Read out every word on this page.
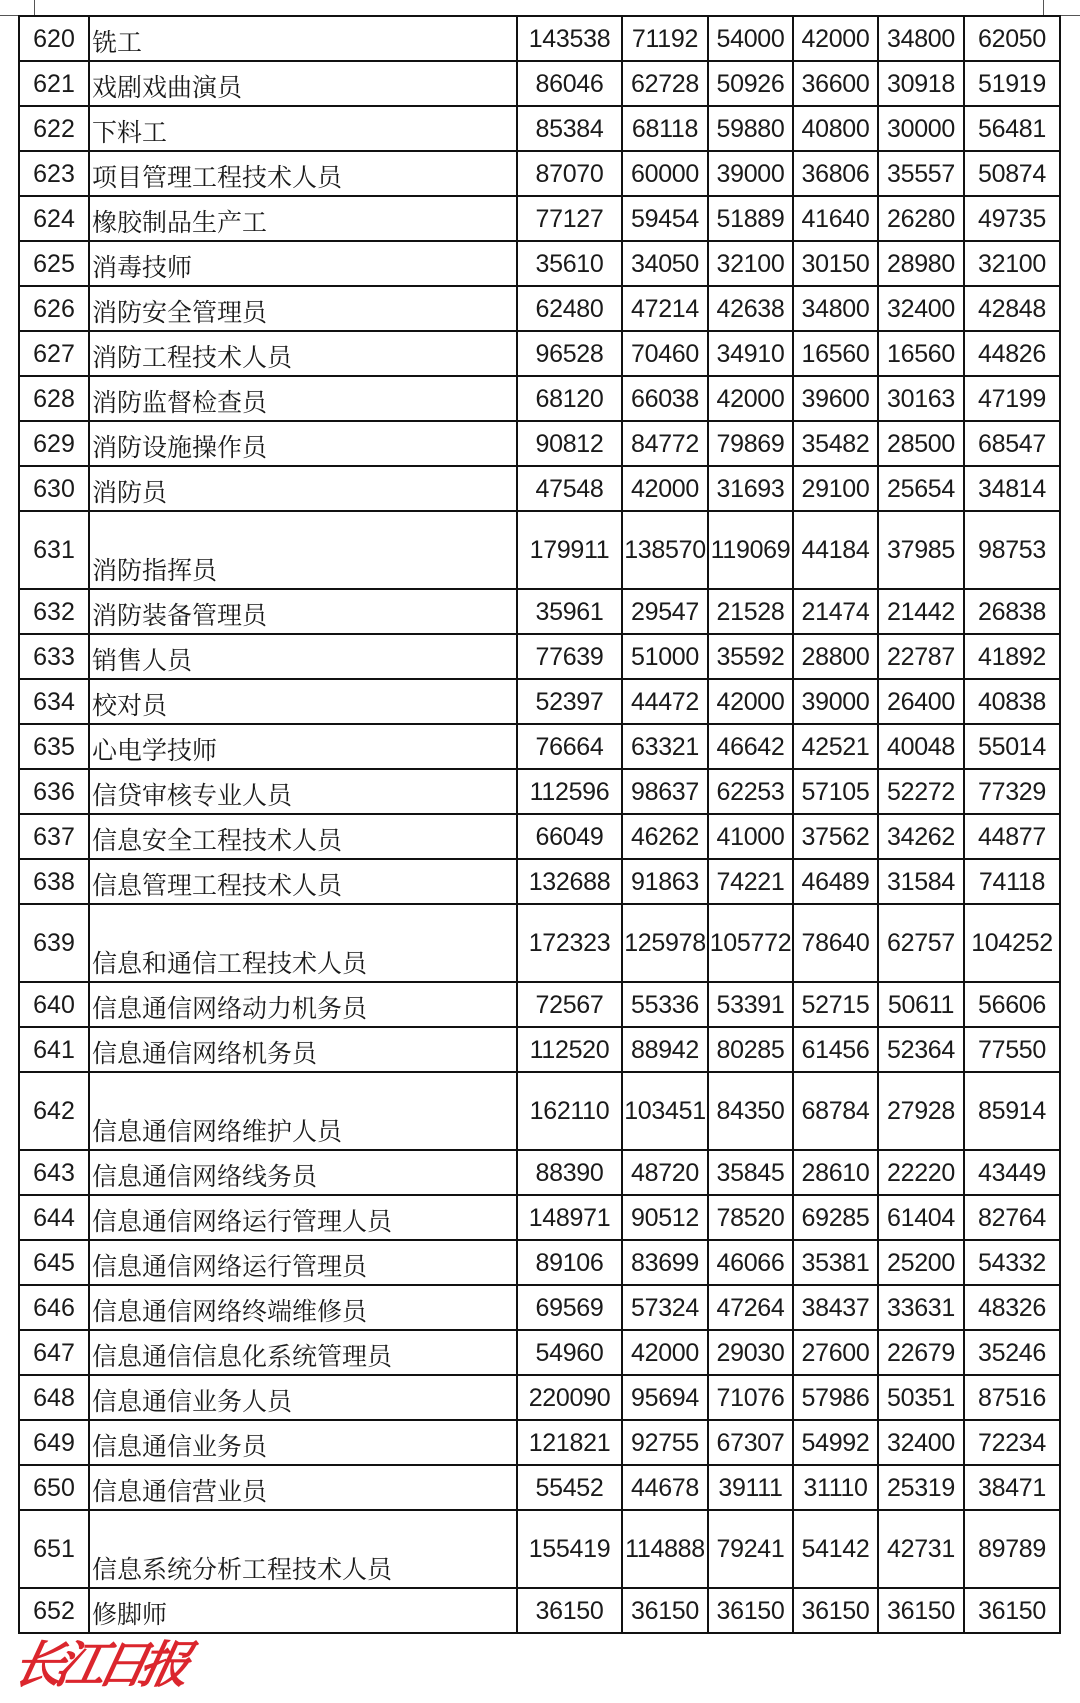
620	铣工	143538	71192	54000	42000	34800	62050
621	戏剧戏曲演员	86046	62728	50926	36600	30918	51919
622	下料工	85384	68118	59880	40800	30000	56481
623	项目管理工程技术人员	87070	60000	39000	36806	35557	50874
624	橡胶制品生产工	77127	59454	51889	41640	26280	49735
625	消毒技师	35610	34050	32100	30150	28980	32100
626	消防安全管理员	62480	47214	42638	34800	32400	42848
627	消防工程技术人员	96528	70460	34910	16560	16560	44826
628	消防监督检查员	68120	66038	42000	39600	30163	47199
629	消防设施操作员	90812	84772	79869	35482	28500	68547
630	消防员	47548	42000	31693	29100	25654	34814
631	消防指挥员	179911	138570	119069	44184	37985	98753
632	消防装备管理员	35961	29547	21528	21474	21442	26838
633	销售人员	77639	51000	35592	28800	22787	41892
634	校对员	52397	44472	42000	39000	26400	40838
635	心电学技师	76664	63321	46642	42521	40048	55014
636	信贷审核专业人员	112596	98637	62253	57105	52272	77329
637	信息安全工程技术人员	66049	46262	41000	37562	34262	44877
638	信息管理工程技术人员	132688	91863	74221	46489	31584	74118
639	信息和通信工程技术人员	172323	125978	105772	78640	62757	104252
640	信息通信网络动力机务员	72567	55336	53391	52715	50611	56606
641	信息通信网络机务员	112520	88942	80285	61456	52364	77550
642	信息通信网络维护人员	162110	103451	84350	68784	27928	85914
643	信息通信网络线务员	88390	48720	35845	28610	22220	43449
644	信息通信网络运行管理人员	148971	90512	78520	69285	61404	82764
645	信息通信网络运行管理员	89106	83699	46066	35381	25200	54332
646	信息通信网络终端维修员	69569	57324	47264	38437	33631	48326
647	信息通信信息化系统管理员	54960	42000	29030	27600	22679	35246
648	信息通信业务人员	220090	95694	71076	57986	50351	87516
649	信息通信业务员	121821	92755	67307	54992	32400	72234
650	信息通信营业员	55452	44678	39111	31110	25319	38471
651	信息系统分析工程技术人员	155419	114888	79241	54142	42731	89789
652	修脚师	36150	36150	36150	36150	36150	36150
长江日报
